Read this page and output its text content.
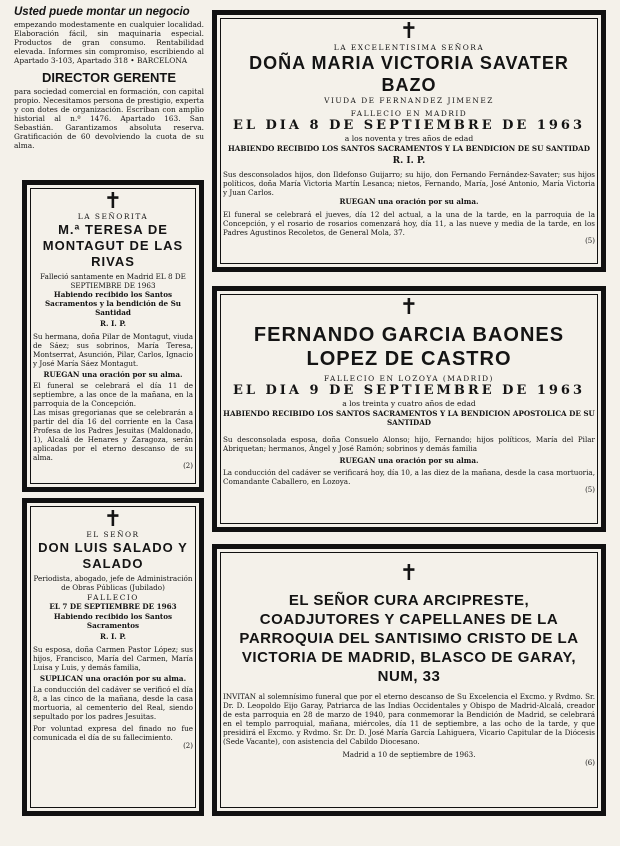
Usted puede montar un negocio
empezando modestamente en cualquier localidad. Elaboración fácil, sin maquinaria especial. Productos de gran consumo. Rentabilidad elevada. Informes sin compromiso, escribiendo al Apartado 3-103, Apartado 318 • BARCELONA
DIRECTOR GERENTE
para sociedad comercial en formación, con capital propio. Necesitamos persona de prestigio, experta y con dotes de organización. Escriban con amplio historial al n.º 1476. Apartado 163. San Sebastián. Garantizamos absoluta reserva. Gratificación de 60 devolviendo la cuota de su alma.
✝
LA EXCELENTISIMA SEÑORA
DOÑA MARIA VICTORIA SAVATER BAZO
VIUDA DE FERNANDEZ JIMENEZ
FALLECIO EN MADRID
EL DIA 8 DE SEPTIEMBRE DE 1963
a los noventa y tres años de edad
HABIENDO RECIBIDO LOS SANTOS SACRAMENTOS Y LA BENDICION DE SU SANTIDAD
R. I. P.
Sus desconsolados hijos, don Ildefonso Guijarro; su hijo, don Fernando Fernández-Savater; sus hijos políticos, doña María Victoria Martín Lesanca; nietos, Fernando, María, José Antonio, María Victoria y Juan Carlos.
RUEGAN una oración por su alma.
El funeral se celebrará el jueves, día 12 del actual, a la una de la tarde, en la parroquia de la Concepción, y el rosario de rosarios comenzará hoy, día 11, a las nueve y media de la tarde, en los Padres Agustinos Recoletos, de General Mola, 37.
(5)
✝
LA SEÑORITA
M.ª TERESA DE MONTAGUT DE LAS RIVAS
Falleció santamente en Madrid EL 8 DE SEPTIEMBRE DE 1963
Habiendo recibido los Santos Sacramentos y la bendición de Su Santidad
R. I. P.
Su hermana, doña Pilar de Montagut, viuda de Sáez; sus sobrinos, María Teresa, Montserrat, Asunción, Pilar, Carlos, Ignacio y José María Sáez Montagut.
RUEGAN una oración por su alma.
El funeral se celebrará el día 11 de septiembre, a las once de la mañana, en la parroquia de la Concepción.
Las misas gregorianas que se celebrarán a partir del día 16 del corriente en la Casa Profesa de los Padres Jesuitas (Maldonado, 1), Alcalá de Henares y Zaragoza, serán aplicadas por el eterno descanso de su alma.
(2)
✝
FERNANDO GARCIA BAONES
LOPEZ DE CASTRO
FALLECIO EN LOZOYA (MADRID)
EL DIA 9 DE SEPTIEMBRE DE 1963
a los treinta y cuatro años de edad
HABIENDO RECIBIDO LOS SANTOS SACRAMENTOS Y LA BENDICION APOSTOLICA DE SU SANTIDAD
Su desconsolada esposa, doña Consuelo Alonso; hijo, Fernando; hijos políticos, María del Pilar Abriquetan; hermanos, Ángel y José Ramón; sobrinos y demás familia
RUEGAN una oración por su alma.
La conducción del cadáver se verificará hoy, día 10, a las diez de la mañana, desde la casa mortuoria, Comandante Caballero, en Lozoya.
(5)
✝
EL SEÑOR
DON LUIS SALADO Y SALADO
Periodista, abogado, jefe de Administración de Obras Públicas (Jubilado)
FALLECIO
EL 7 DE SEPTIEMBRE DE 1963
Habiendo recibido los Santos Sacramentos
R. I. P.
Su esposa, doña Carmen Pastor López; sus hijos, Francisco, María del Carmen, María Luisa y Luis, y demás familia,
SUPLICAN una oración por su alma.
La conducción del cadáver se verificó el día 8, a las cinco de la mañana, desde la casa mortuoria, al cementerio del Real, siendo sepultado por los padres Jesuitas.
Por voluntad expresa del finado no fue comunicada el día de su fallecimiento.
(2)
✝
EL SEÑOR CURA ARCIPRESTE, COADJUTORES Y CAPELLANES DE LA PARROQUIA DEL SANTISIMO CRISTO DE LA VICTORIA DE MADRID, BLASCO DE GARAY, NUM, 33
INVITAN al solemnísimo funeral que por el eterno descanso de Su Excelencia el Excmo. y Rvdmo. Sr. Dr. D. Leopoldo Eijo Garay, Patriarca de las Indias Occidentales y Obispo de Madrid-Alcalá, creador de esta parroquia en 28 de marzo de 1940, para conmemorar la Bendición de Madrid, se celebrará en el templo parroquial, mañana, miércoles, día 11 de septiembre, a las ocho de la tarde, y que presidirá el Excmo. y Rvdmo. Sr. Dr. D. José María García Lahiguera, Vicario Capitular de la Diócesis (Sede Vacante), con asistencia del Cabildo Diocesano.
Madrid a 10 de septiembre de 1963.
(6)
